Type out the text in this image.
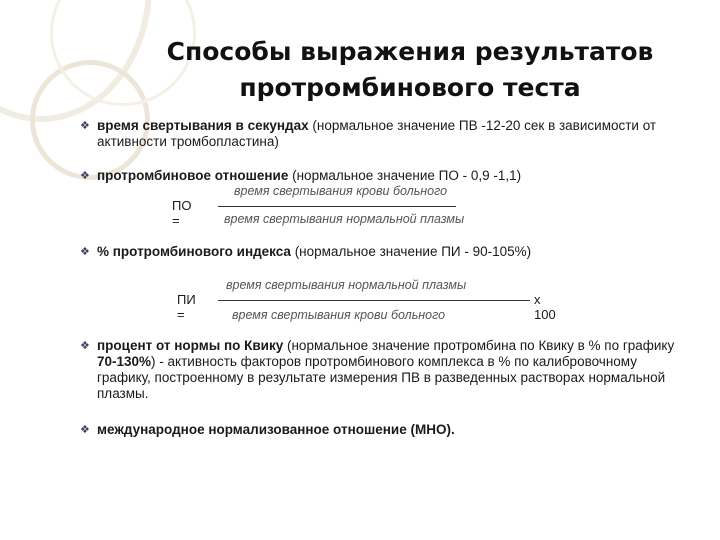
Способы выражения результатов
протромбинового теста
❖ время свертывания в секундах (нормальное значение ПВ -12-20 сек в зависимости от активности тромбопластина)
❖ протромбиновое отношение (нормальное значение ПО - 0,9 -1,1)
ПО =
время свертывания крови больного
время свертывания нормальной плазмы
❖ % протромбинового индекса (нормальное значение ПИ - 90-105%)
ПИ =
время свертывания нормальной плазмы
x 100
время свертывания крови больного
❖ процент от нормы по Квику (нормальное значение протромбина по Квику в % по графику 70-130%) - активность факторов протромбинового комплекса в % по калибровочному графику, построенному в результате измерения ПВ в разведенных растворах нормальной плазмы.
❖ международное нормализованное отношение (МНО).
